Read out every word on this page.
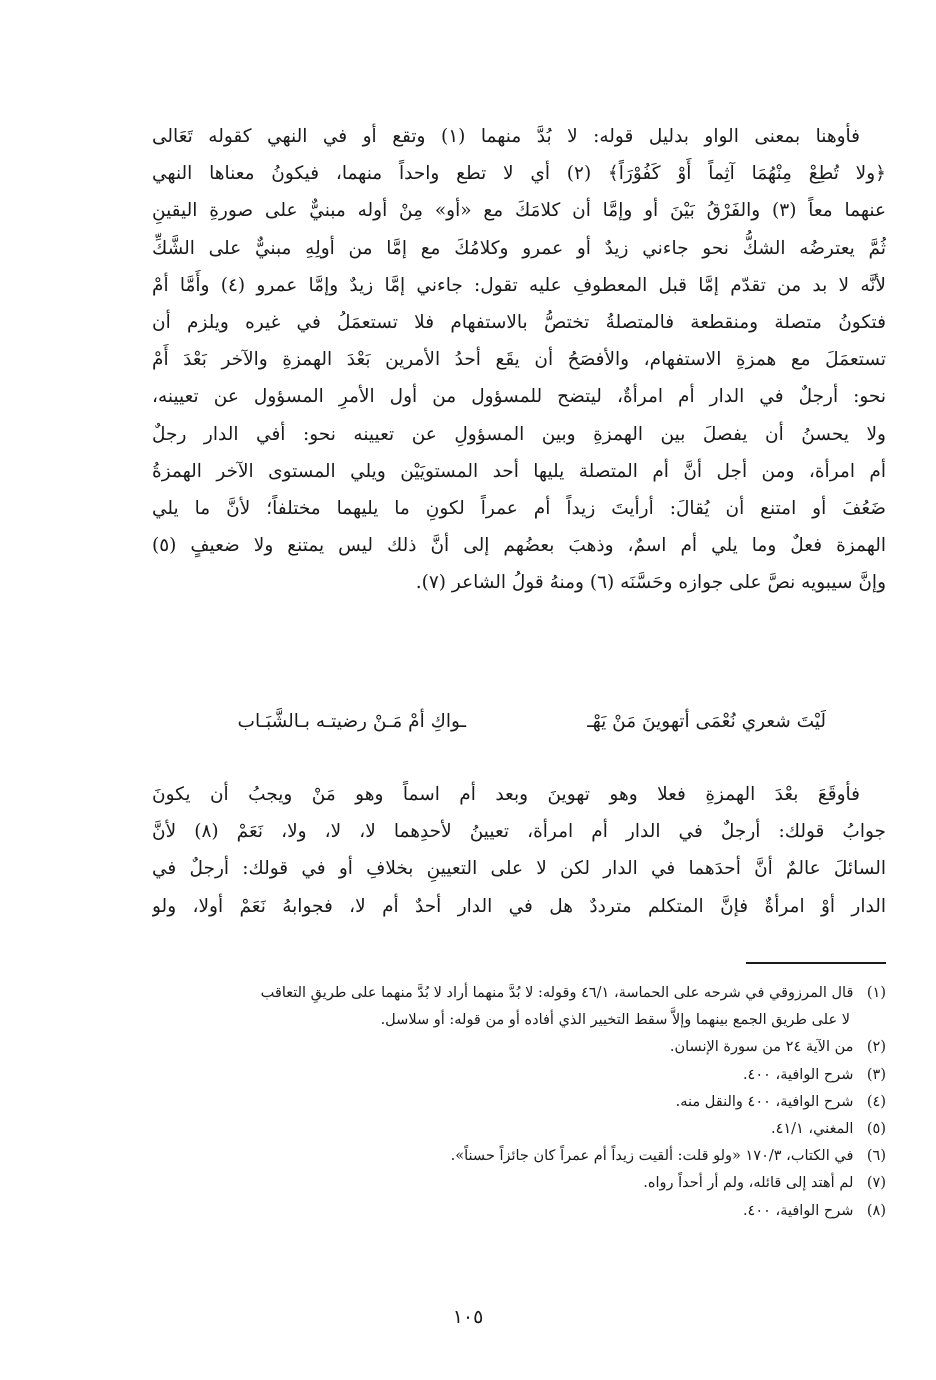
فأوهنا بمعنى الواو بدليل قوله: لا بُدَّ منهما (١) وتقع أو في النهي كقوله تَعَالى
﴿ولا تُطِعْ مِنْهُمَا آثِماً أَوْ كَفُوْرَاً﴾ (٢) أي لا تطع واحداً منهما، فيكونُ معناها النهي
عنهما معاً (٣) والفَرْقُ بَيْنَ أو وإمَّا أن كلامَكَ مع «أو» مِنْ أوله مبنيٌّ على صورةِ اليقينِ
ثُمَّ يعترضُه الشكُّ نحو جاءني زيدٌ أو عمرو وكلامُكَ مع إمَّا من أولِهِ مبنيٌّ على الشَّكِّ
لأنَّه لا بد من تقدّم إمَّا قبل المعطوفِ عليه تقول: جاءني إمَّا زيدٌ وإمَّا عمرو (٤) وأَمَّا أمْ
فتكونُ متصلة ومنقطعة فالمتصلةُ تختصُّ بالاستفهام فلا تستعمَلُ في غيره ويلزم أن
تستعمَلَ مع همزةِ الاستفهام، والأفصَحُ أن يقَع أحدُ الأمرين بَعْدَ الهمزةِ والآخر بَعْدَ أَمْ
نحو: أرجلٌ في الدار أم امرأةٌ، ليتضح للمسؤول من أول الأمرِ المسؤول عن تعيينه،
ولا يحسنُ أن يفصلَ بين الهمزةِ وبين المسؤولِ عن تعيينه نحو: أفي الدار رجلٌ
أم امرأة، ومن أجل أنَّ أم المتصلة يليها أحد المستويَيْن ويلي المستوى الآخر الهمزةُ
ضَعُفَ أو امتنع أن يُقالَ: أرأيتَ زيداً أم عمراً لكونِ ما يليهما مختلفاً؛ لأنَّ ما يلي
الهمزة فعلٌ وما يلي أم اسمٌ، وذهبَ بعضُهم إلى أنَّ ذلك ليس يمتنع ولا ضعيفٍ (٥)
وإنَّ سيبويه نصَّ على جوازه وحَسَّنَه (٦) ومنهُ قولُ الشاعر (٧).
لَيْتَ شعري نُعْمَى أتهوينَ مَنْ يَهْـ
ـواكِ أمْ مَـنْ رضيتـه بـالشَّبَـاب
فأوقَعَ بعْدَ الهمزةِ فعلا وهو تهوينَ وبعد أم اسماً وهو مَنْ ويجبُ أن يكونَ
جوابُ قولك: أرجلٌ في الدار أم امرأة، تعيينُ لأحدِهما لا، لا، ولا، نَعَمْ (٨) لأنَّ
السائلَ عالمٌ أنَّ أحدَهما في الدار لكن لا على التعيينِ بخلافِ أو في قولك: أرجلٌ في
الدار أوْ امرأةٌ فإنَّ المتكلم مترددٌ هل في الدار أحدٌ أم لا، فجوابهُ نَعَمْ أولا، ولو
(١) قال المرزوقي في شرحه على الحماسة، ٤٦/١ وقوله: لا بُدَّ منهما أراد لا بُدَّ منهما على طريقِ التعاقب
لا على طريق الجمع بينهما وإلاَّ سقط التخيير الذي أفاده أو من قوله: أو سلاسل.
(٢) من الآية ٢٤ من سورة الإنسان.
(٣) شرح الوافية، ٤٠٠.
(٤) شرح الوافية، ٤٠٠ والنقل منه.
(٥) المغني، ٤١/١.
(٦) في الكتاب، ١٧٠/٣ «ولو قلت: ألقيت زيداً أم عمراً كان جائزاً حسناً».
(٧) لم أهتد إلى قائله، ولم أر أحداً رواه.
(٨) شرح الوافية، ٤٠٠.
١٠٥
